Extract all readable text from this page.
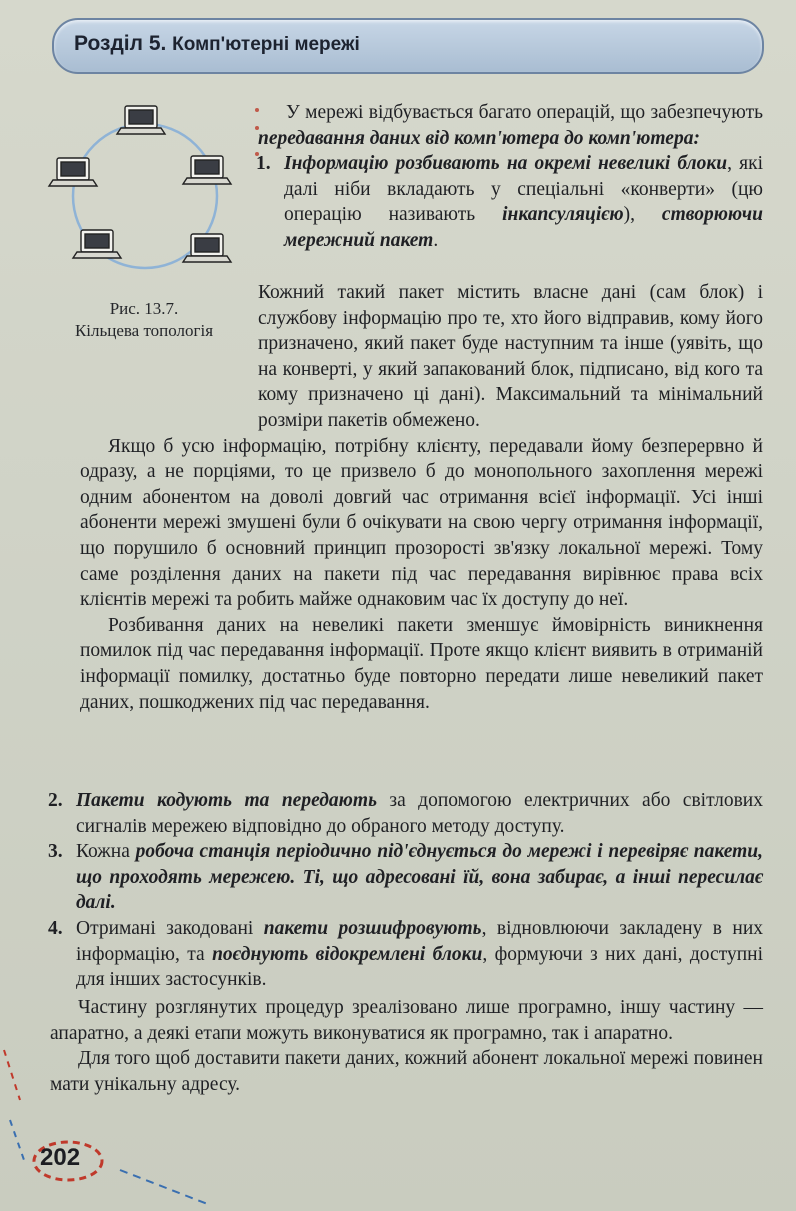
Розділ 5. Комп'ютерні мережі
Рис. 13.7.
Кільцева топологія

У мережі відбувається багато операцій, що забезпечують передавання даних від комп'ютера до комп'ютера:

1. Інформацію розбивають на окремі невеликі блоки, які далі ніби вкладають у спеціальні «конверти» (цю операцію називають інкапсуляцією), створюючи мережний пакет.

Кожний такий пакет містить власне дані (сам блок) і службову інформацію про те, хто його відправив, кому його призначено, який пакет буде наступним та інше (уявіть, що на конверті, у який запакований блок, підписано, від кого та кому призначено ці дані). Максимальний та мінімальний розміри пакетів обмежено.

Якщо б усю інформацію, потрібну клієнту, передавали йому безперервно й одразу, а не порціями, то це призвело б до монопольного захоплення мережі одним абонентом на доволі довгий час отримання всієї інформації. Усі інші абоненти мережі змушені були б очікувати на свою чергу отримання інформації, що порушило б основний принцип прозорості зв'язку локальної мережі. Тому саме розділення даних на пакети під час передавання вирівнює права всіх клієнтів мережі та робить майже однаковим час їх доступу до неї.

Розбивання даних на невеликі пакети зменшує ймовірність виникнення помилок під час передавання інформації. Проте якщо клієнт виявить в отриманій інформації помилку, достатньо буде повторно передати лише невеликий пакет даних, пошкоджених під час передавання.

2. Пакети кодують та передають за допомогою електричних або світлових сигналів мережею відповідно до обраного методу доступу.

3. Кожна робоча станція періодично під'єднується до мережі і перевіряє пакети, що проходять мережею. Ті, що адресовані їй, вона забирає, а інші пересилає далі.

4. Отримані закодовані пакети розшифровують, відновлюючи закладену в них інформацію, та поєднують відокремлені блоки, формуючи з них дані, доступні для інших застосунків.

Частину розглянутих процедур зреалізовано лише програмно, іншу частину — апаратно, а деякі етапи можуть виконуватися як програмно, так і апаратно.

Для того щоб доставити пакети даних, кожний абонент локальної мережі повинен мати унікальну адресу.

202
